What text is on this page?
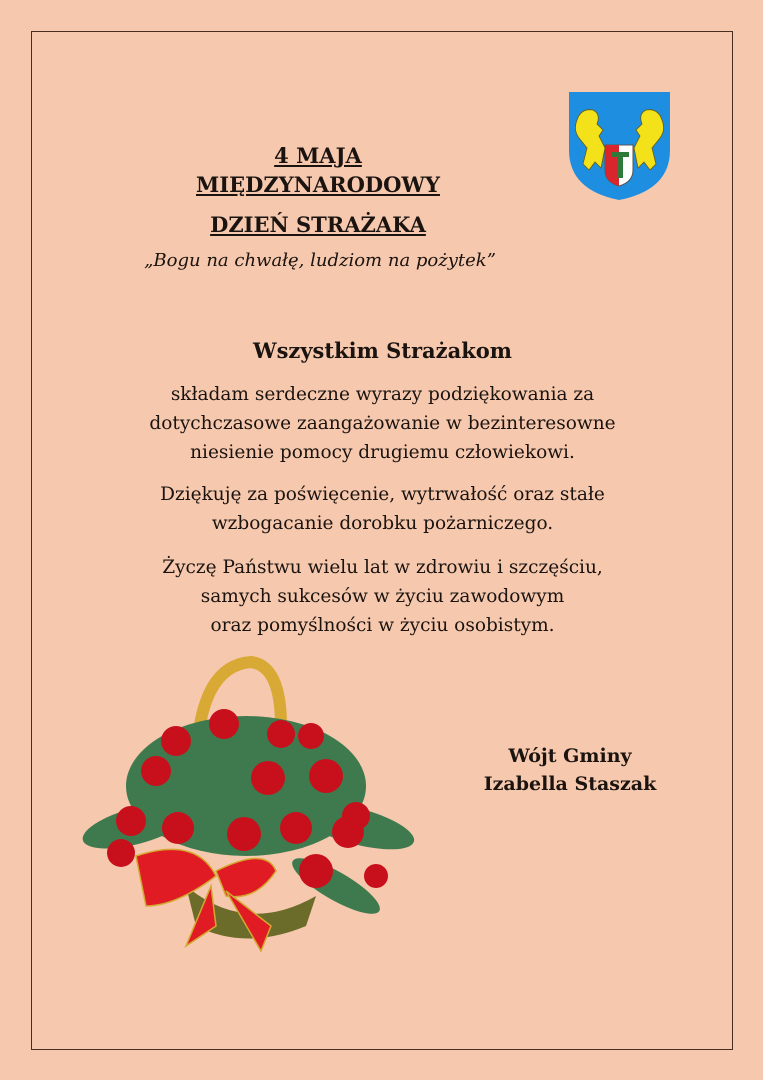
4 MAJA
MIĘDZYNARODOWY
DZIEŃ STRAŻAKA
„Bogu na chwałę, ludziom na pożytek”
Wszystkim Strażakom
składam serdeczne wyrazy podziękowania za
dotychczasowe zaangażowanie w bezinteresowne
niesienie pomocy drugiemu człowiekowi.
Dziękuję za poświęcenie, wytrwałość oraz stałe
wzbogacanie dorobku pożarniczego.
Życzę Państwu wielu lat w zdrowiu i szczęściu,
samych sukcesów w życiu zawodowym
oraz pomyślności w życiu osobistym.
Wójt Gminy
Izabella Staszak
